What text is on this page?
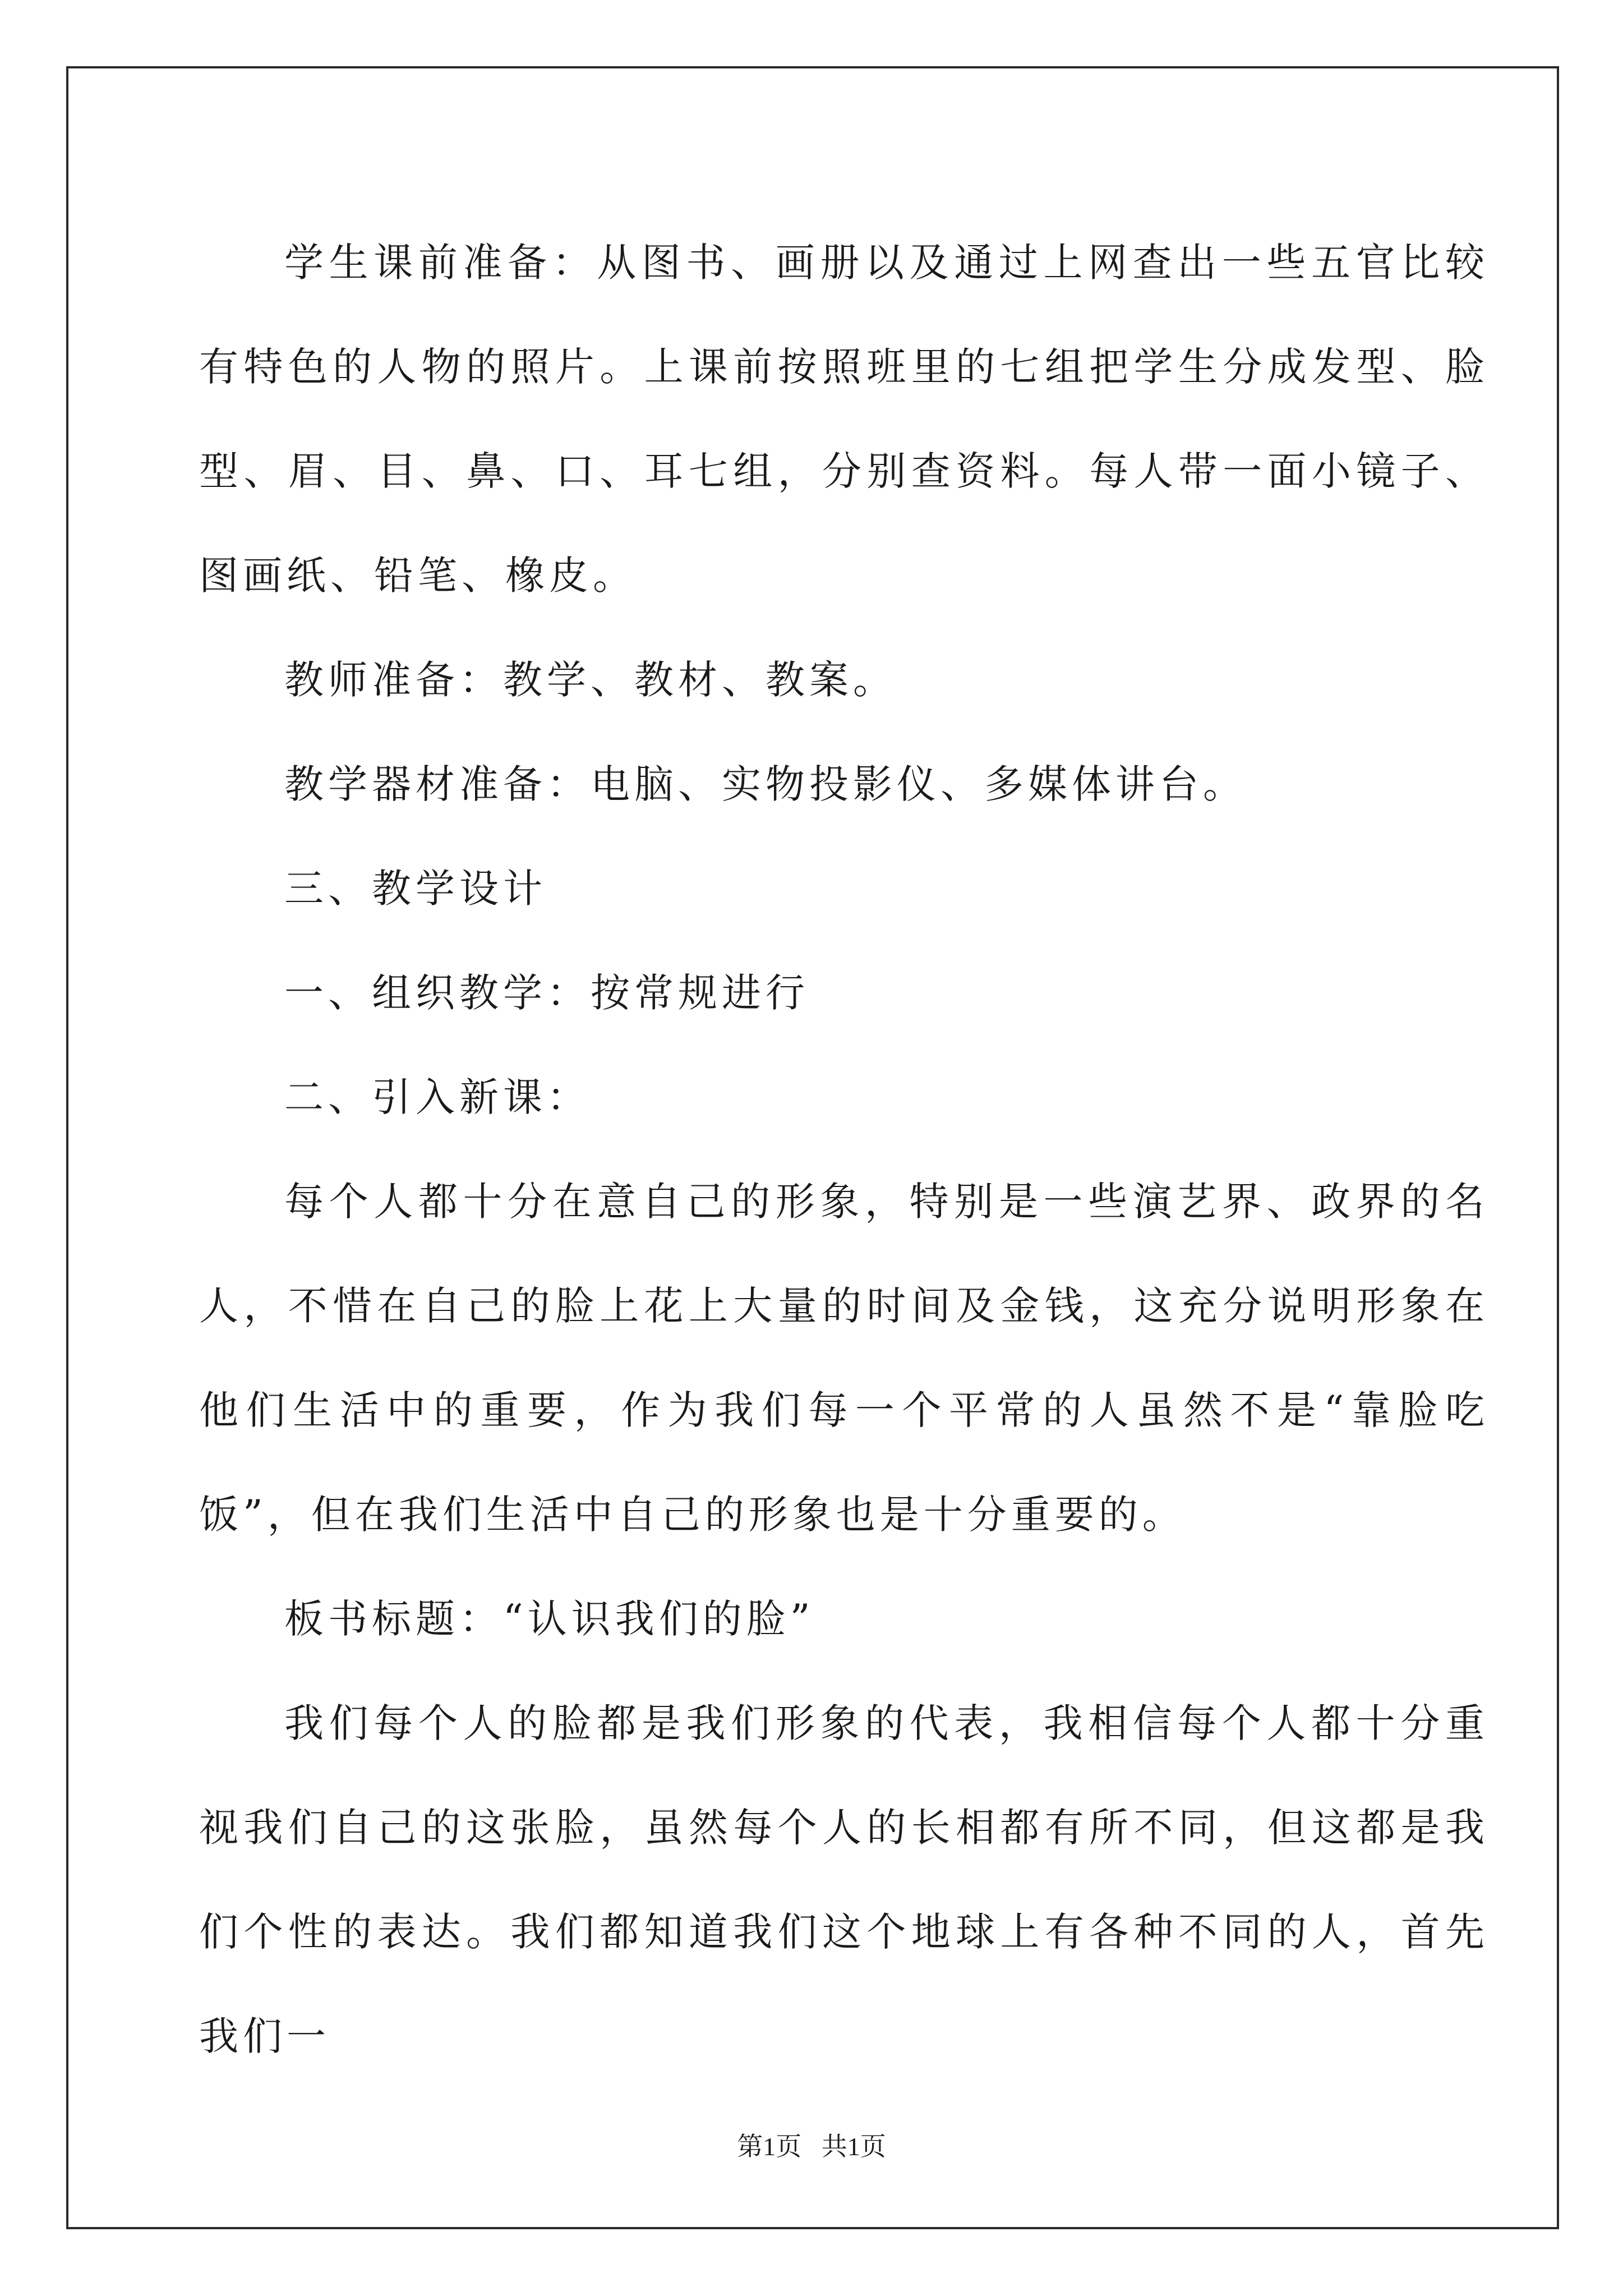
学生课前准备：从图书、画册以及通过上网查出一些五官比较有特色的人物的照片。上课前按照班里的七组把学生分成发型、脸型、眉、目、鼻、口、耳七组，分别查资料。每人带一面小镜子、图画纸、铅笔、橡皮。

教师准备：教学、教材、教案。

教学器材准备：电脑、实物投影仪、多媒体讲台。

三、教学设计

一、组织教学：按常规进行

二、引入新课：

每个人都十分在意自己的形象，特别是一些演艺界、政界的名人，不惜在自己的脸上花上大量的时间及金钱，这充分说明形象在他们生活中的重要，作为我们每一个平常的人虽然不是“靠脸吃饭”，但在我们生活中自己的形象也是十分重要的。

板书标题：“认识我们的脸”

我们每个人的脸都是我们形象的代表，我相信每个人都十分重视我们自己的这张脸，虽然每个人的长相都有所不同，但这都是我们个性的表达。我们都知道我们这个地球上有各种不同的人，首先我们一

第1页 共1页
